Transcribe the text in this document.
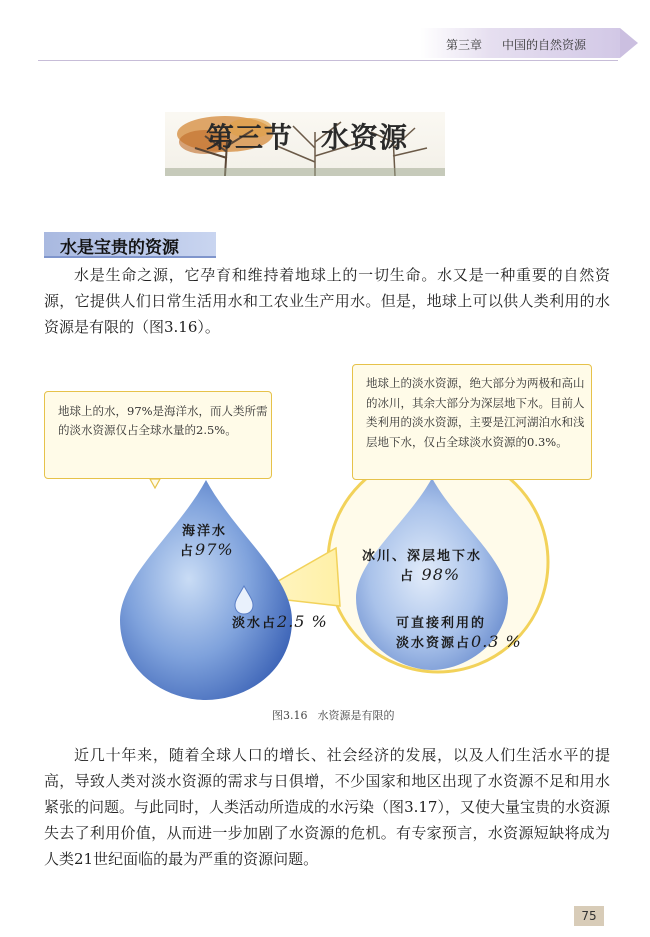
第三章 中国的自然资源
第三节 水资源
水是宝贵的资源

水是生命之源，它孕育和维持着地球上的一切生命。水又是一种重要的自然资源，它提供人们日常生活用水和工农业生产用水。但是，地球上可以供人类利用的水资源是有限的（图3.16）。

地球上的水，97%是海洋水，而人类所需的淡水资源仅占全球水量的2.5%。
地球上的淡水资源，绝大部分为两极和高山的冰川，其余大部分为深层地下水。目前人类利用的淡水资源，主要是江河湖泊水和浅层地下水，仅占全球淡水资源的0.3%。
海洋水
占97%
淡水占2.5 %
冰川、深层地下水
占 98%
可直接利用的
淡水资源占0.3 %
图3.16 水资源是有限的

近几十年来，随着全球人口的增长、社会经济的发展，以及人们生活水平的提高，导致人类对淡水资源的需求与日俱增，不少国家和地区出现了水资源不足和用水紧张的问题。与此同时，人类活动所造成的水污染（图3.17），又使大量宝贵的水资源失去了利用价值，从而进一步加剧了水资源的危机。有专家预言，水资源短缺将成为人类21世纪面临的最为严重的资源问题。

75
